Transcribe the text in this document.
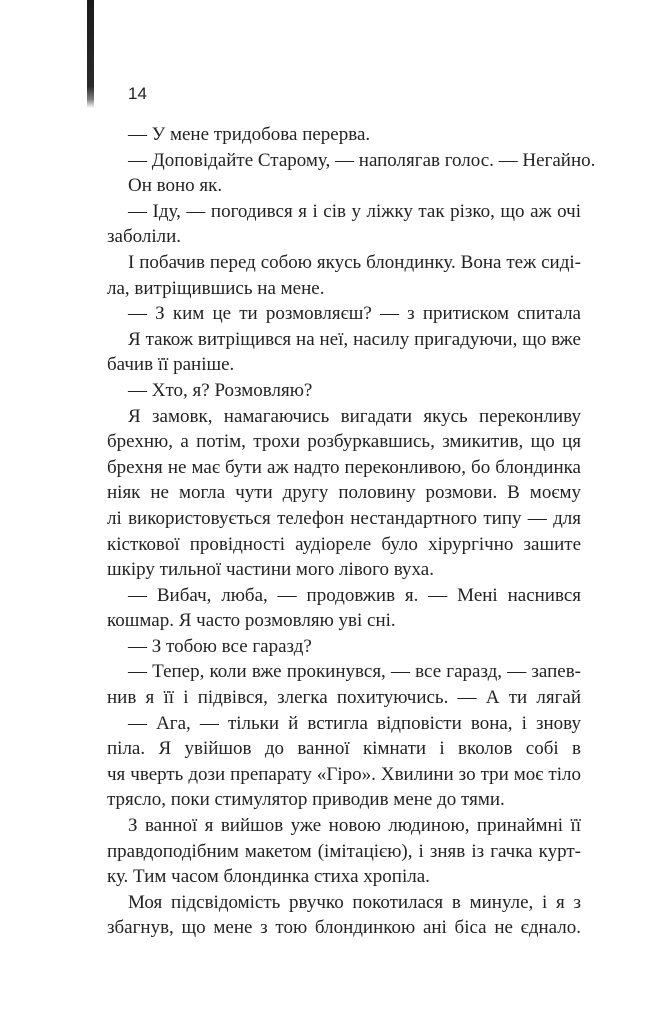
14
— У мене тридобова перерва.
— Доповідайте Старому, — наполягав голос. — Негайно.
Он воно як.
— Іду, — погодився я і сів у ліжку так різко, що аж очі
заболіли.
І побачив перед собою якусь блондинку. Вона теж сиді-
ла, витріщившись на мене.
— З ким це ти розмовляєш? — з притиском спитала
Я також витріщився на неї, насилу пригадуючи, що вже
бачив її раніше.
— Хто, я? Розмовляю?
Я замовк, намагаючись вигадати якусь переконливу
брехню, а потім, трохи розбуркавшись, змикитив, що ця
брехня не має бути аж надто переконливою, бо блондинка
ніяк не могла чути другу половину розмови. В моєму
лі використовується телефон нестандартного типу — для
кісткової провідності аудіореле було хірургічно зашите
шкіру тильної частини мого лівого вуха.
— Вибач, люба, — продовжив я. — Мені наснився
кошмар. Я часто розмовляю уві сні.
— З тобою все гаразд?
— Тепер, коли вже прокинувся, — все гаразд, — запев-
нив я її і підвівся, злегка похитуючись. — А ти лягай
— Ага, — тільки й встигла відповісти вона, і знову
піла. Я увійшов до ванної кімнати і вколов собі в
чя чверть дози препарату «Гіро». Хвилини зо три моє тіло
трясло, поки стимулятор приводив мене до тями.
З ванної я вийшов уже новою людиною, принаймні її
правдоподібним макетом (імітацією), і зняв із гачка курт-
ку. Тим часом блондинка стиха хропіла.
Моя підсвідомість рвучко покотилася в минуле, і я з
збагнув, що мене з тою блондинкою ані біса не єднало.
